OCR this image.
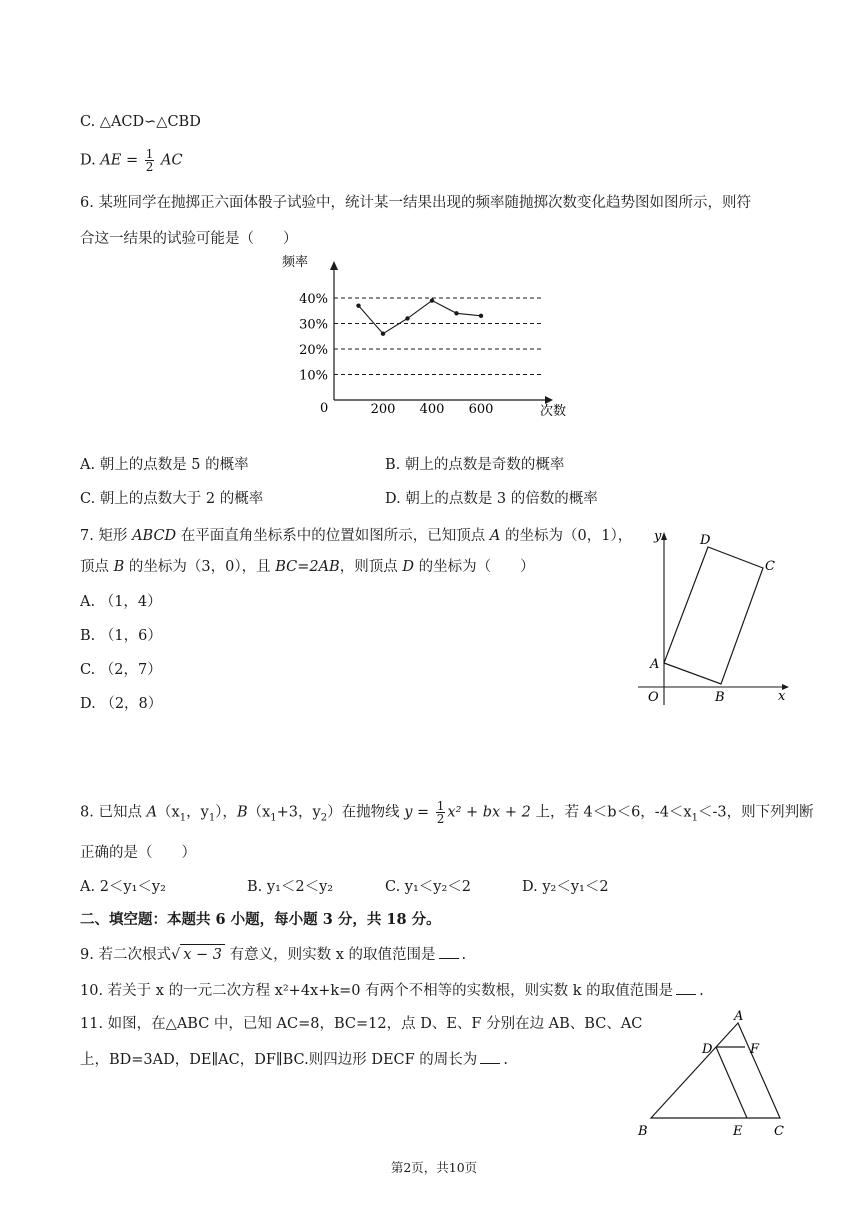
C. △ACD∽△CBD
D. AE = $\frac{1}{2}$ AC
6. 某班同学在抛掷正六面体骰子试验中，统计某一结果出现的频率随抛掷次数变化趋势图如图所示，则符
合这一结果的试验可能是（　　）
频率
次数
0
10%
20%
30%
40%
200 400 600
A. 朝上的点数是 5 的概率	B. 朝上的点数是奇数的概率
C. 朝上的点数大于 2 的概率	D. 朝上的点数是 3 的倍数的概率
7. 矩形 ABCD 在平面直角坐标系中的位置如图所示，已知顶点 A 的坐标为（0，1），
顶点 B 的坐标为（3，0），且 BC=2AB，则顶点 D 的坐标为（　　）
A. （1，4）
B. （1，6）
C. （2，7）
D. （2，8）
y
x
O
A
B
C
D
8. 已知点 $A(x_1$，$y_1$），$B(x_1+3$，$y_2$）在抛物线 $y = \frac{1}{2} x^2$ + bx + 2 上，若 4＜b＜6，$-4<x_1<-3$，则下列判断
正确的是（　　）
A. 2＜y₁＜y₂	B. y₁＜2＜y₂	C. y₁＜y₂＜2	D. y₂＜y₁＜2
二、填空题：本题共 6 小题，每小题 3 分，共 18 分。
9. 若二次根式√ x − 3 有意义，则实数 x 的取值范围是 .
10. 若关于 x 的一元二次方程 x²+4x+k=0 有两个不相等的实数根，则实数 k 的取值范围是 .
11. 如图，在△ABC 中，已知 AC=8，BC=12，点 D、E、F 分别在边 AB、BC、AC
上，BD=3AD，DE∥AC，DF∥BC.则四边形 DECF 的周长为 .
A
B	C
D
E
F
第2页，共10页
